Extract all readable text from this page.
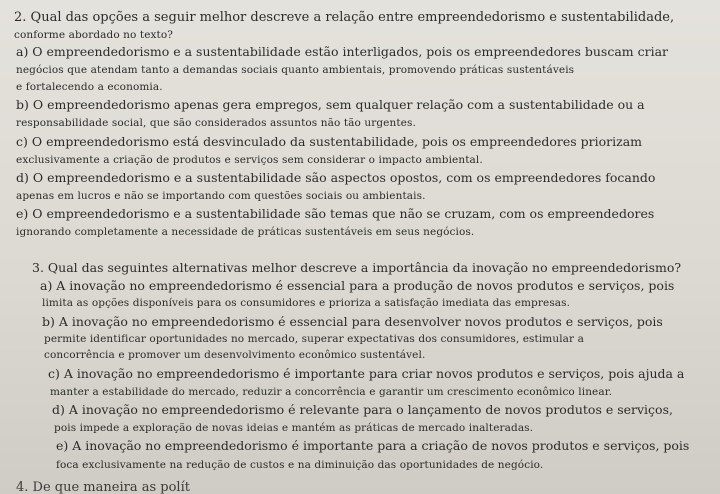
2. Qual das opções a seguir melhor descreve a relação entre empreendedorismo e sustentabilidade,
conforme abordado no texto?
a) O empreendedorismo e a sustentabilidade estão interligados, pois os empreendedores buscam criar
negócios que atendam tanto a demandas sociais quanto ambientais, promovendo práticas sustentáveis
e fortalecendo a economia.
b) O empreendedorismo apenas gera empregos, sem qualquer relação com a sustentabilidade ou a
responsabilidade social, que são considerados assuntos não tão urgentes.
c) O empreendedorismo está desvinculado da sustentabilidade, pois os empreendedores priorizam
exclusivamente a criação de produtos e serviços sem considerar o impacto ambiental.
d) O empreendedorismo e a sustentabilidade são aspectos opostos, com os empreendedores focando
apenas em lucros e não se importando com questões sociais ou ambientais.
e) O empreendedorismo e a sustentabilidade são temas que não se cruzam, com os empreendedores
ignorando completamente a necessidade de práticas sustentáveis em seus negócios.
3. Qual das seguintes alternativas melhor descreve a importância da inovação no empreendedorismo?
a) A inovação no empreendedorismo é essencial para a produção de novos produtos e serviços, pois
limita as opções disponíveis para os consumidores e prioriza a satisfação imediata das empresas.
b) A inovação no empreendedorismo é essencial para desenvolver novos produtos e serviços, pois
permite identificar oportunidades no mercado, superar expectativas dos consumidores, estimular a
concorrência e promover um desenvolvimento econômico sustentável.
c) A inovação no empreendedorismo é importante para criar novos produtos e serviços, pois ajuda a
manter a estabilidade do mercado, reduzir a concorrência e garantir um crescimento econômico linear.
d) A inovação no empreendedorismo é relevante para o lançamento de novos produtos e serviços,
pois impede a exploração de novas ideias e mantém as práticas de mercado inalteradas.
e) A inovação no empreendedorismo é importante para a criação de novos produtos e serviços, pois
foca exclusivamente na redução de custos e na diminuição das oportunidades de negócio.
4. De que maneira as polít
